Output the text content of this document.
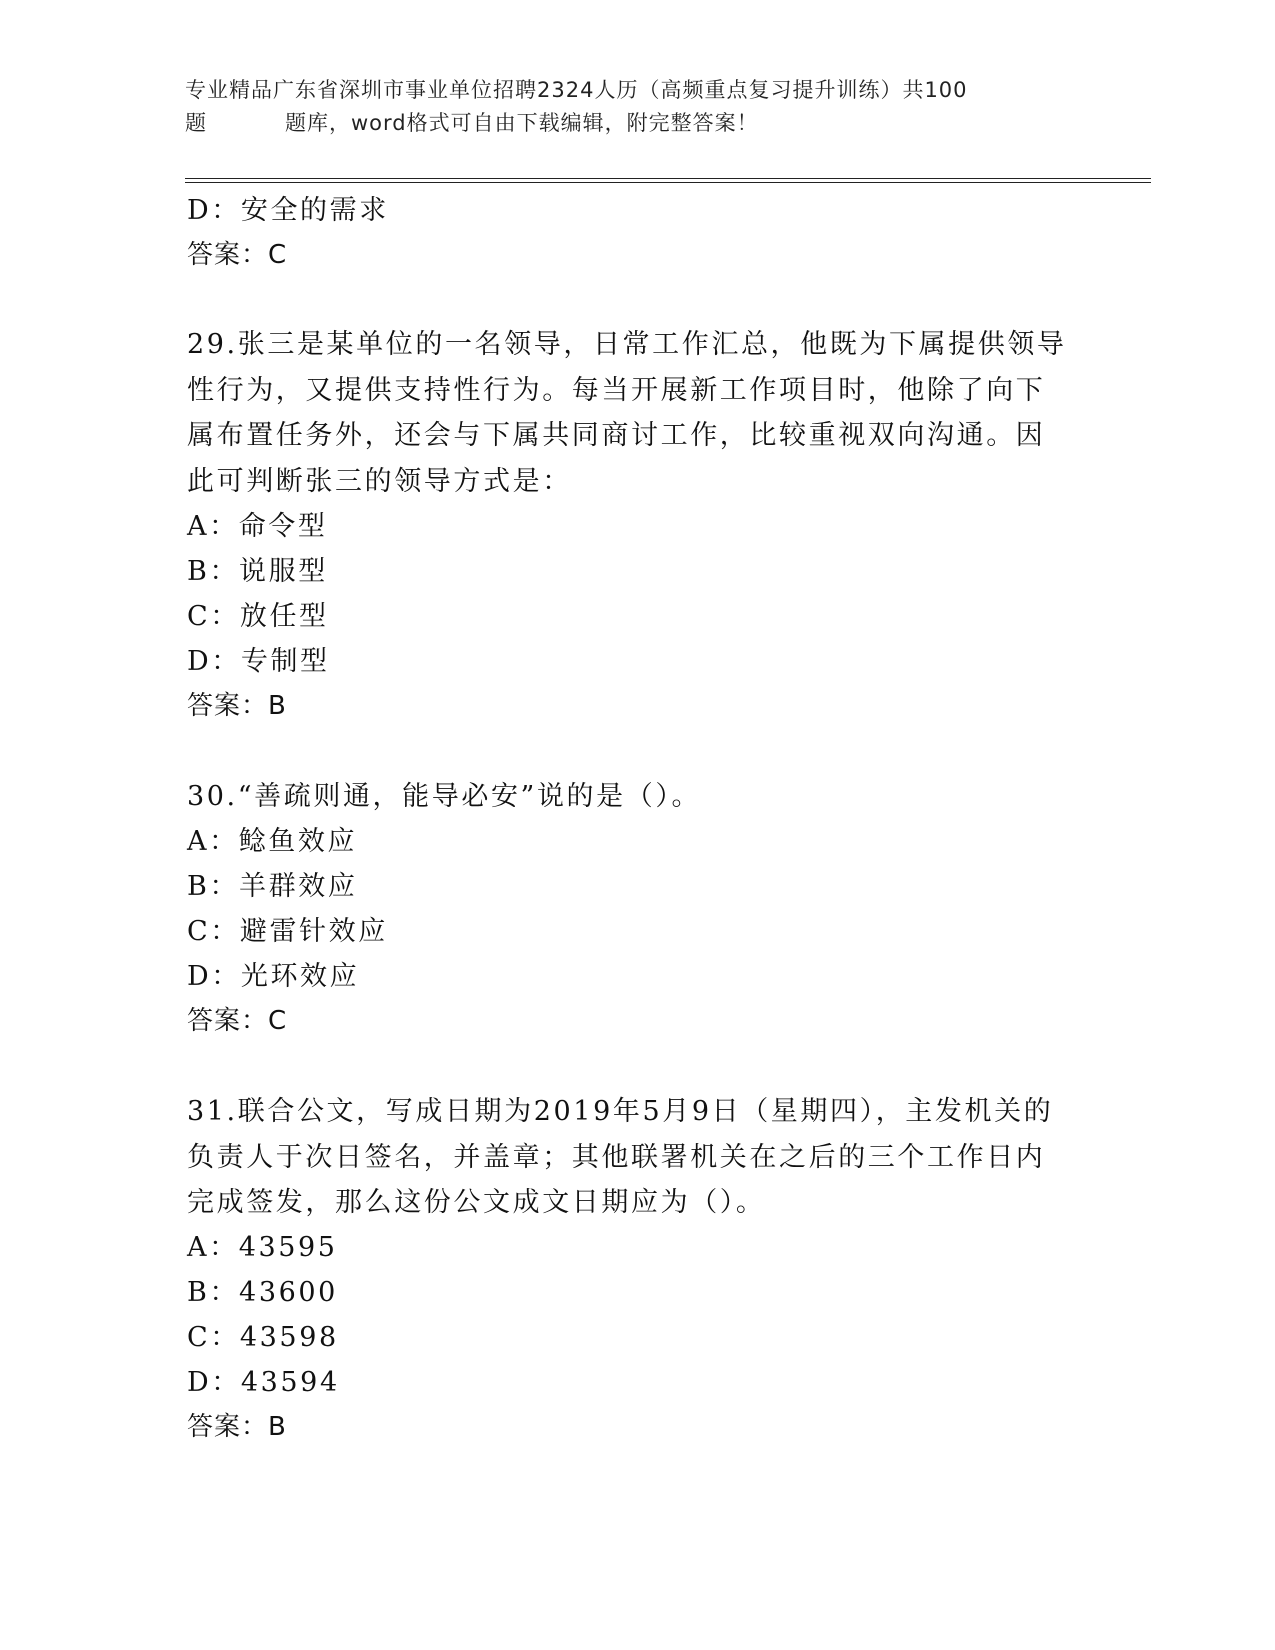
专业精品广东省深圳市事业单位招聘2324人历（高频重点复习提升训练）共100
题	题库，word格式可自由下载编辑，附完整答案！
D：安全的需求
答案：C
29.张三是某单位的一名领导，日常工作汇总，他既为下属提供领导性行为，又提供支持性行为。每当开展新工作项目时，他除了向下属布置任务外，还会与下属共同商讨工作，比较重视双向沟通。因此可判断张三的领导方式是：
A：命令型
B：说服型
C：放任型
D：专制型
答案：B
30.“善疏则通，能导必安”说的是（）。
A：鲶鱼效应
B：羊群效应
C：避雷针效应
D：光环效应
答案：C
31.联合公文，写成日期为2019年5月9日（星期四），主发机关的负责人于次日签名，并盖章；其他联署机关在之后的三个工作日内完成签发，那么这份公文成文日期应为（）。
A：43595
B：43600
C：43598
D：43594
答案：B
